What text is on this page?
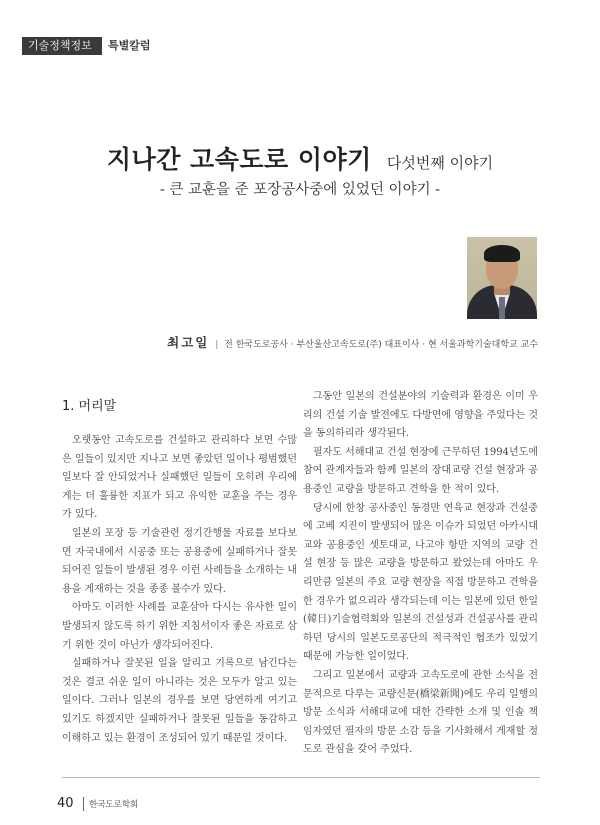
기술정책정보	특별칼럼
지나간 고속도로 이야기 다섯번째 이야기
- 큰 교훈을 준 포장공사중에 있었던 이야기 -
최고일 | 전 한국도로공사 · 부산울산고속도로(주) 대표이사 · 현 서울과학기술대학교 교수
1. 머리말

오랫동안 고속도로를 건설하고 관리하다 보면 수많은 일들이 있지만 지나고 보면 좋았던 일이나 평범했던 일보다 잘 안되었거나 실패했던 일들이 오히려 우리에게는 더 훌륭한 지표가 되고 유익한 교훈을 주는 경우가 있다.

일본의 포장 등 기술관련 정기간행물 자료를 보다보면 자국내에서 시공중 또는 공용중에 실패하거나 잘못되어진 일들이 발생된 경우 이런 사례들을 소개하는 내용을 게재하는 것을 종종 볼수가 있다.

아마도 이러한 사례를 교훈삼아 다시는 유사한 일이 발생되지 않도록 하기 위한 지침서이자 좋은 자료로 삼기 위한 것이 아닌가 생각되어진다.

실패하거나 잘못된 일을 알리고 기록으로 남긴다는 것은 결코 쉬운 일이 아니라는 것은 모두가 알고 있는 일이다. 그러나 일본의 경우를 보면 당연하게 여기고 있기도 하겠지만 실패하거나 잘못된 일들을 동감하고 이해하고 있는 환경이 조성되어 있기 때문일 것이다.

그동안 일본의 건설분야의 기술력과 환경은 이미 우리의 건설 기술 발전에도 다방면에 영향을 주었다는 것을 동의하리라 생각된다.

필자도 서해대교 건설 현장에 근무하던 1994년도에 참여 관계자들과 함께 일본의 장대교량 건설 현장과 공용중인 교량을 방문하고 견학을 한 적이 있다.

당시에 한창 공사중인 동경만 연육교 현장과 건설중에 고베 지진이 발생되어 많은 이슈가 되었던 아카시대교와 공용중인 셋토대교, 나고야 항만 지역의 교량 건설 현장 등 많은 교량을 방문하고 왔었는데 아마도 우리만큼 일본의 주요 교량 현장을 직접 방문하고 견학을 한 경우가 없으리라 생각되는데 이는 일본에 있던 한일(韓日)기술협력회와 일본의 건설성과 건설공사를 관리하던 당시의 일본도로공단의 적극적인 협조가 있었기 때문에 가능한 일이었다.

그리고 일본에서 교량과 고속도로에 관한 소식을 전문적으로 다루는 교량신문(橋梁新聞)에도 우리 일행의 방문 소식과 서해대교에 대한 간략한 소개 및 인솔 책임자였던 필자의 방문 소감 등을 기사화해서 게재할 정도로 관심을 갖어 주었다.

40 한국도로학회
